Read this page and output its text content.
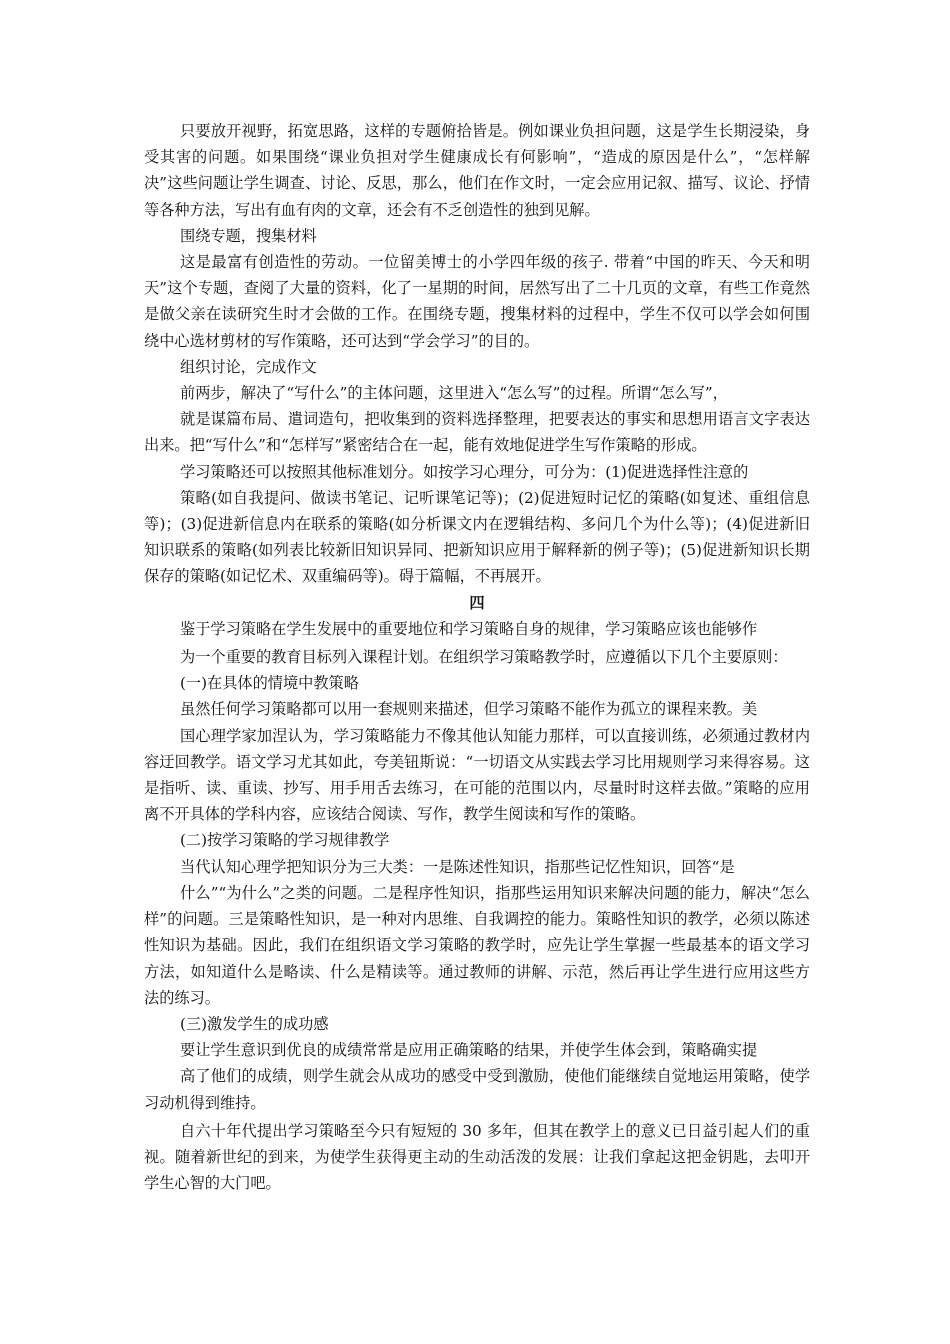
只要放开视野，拓宽思路，这样的专题俯拾皆是。例如课业负担问题，这是学生长期浸染，身受其害的问题。如果围绕“课业负担对学生健康成长有何影响”，“造成的原因是什么”，“怎样解决”这些问题让学生调查、讨论、反思，那么，他们在作文时，一定会应用记叙、描写、议论、抒情等各种方法，写出有血有肉的文章，还会有不乏创造性的独到见解。

围绕专题，搜集材料

这是最富有创造性的劳动。一位留美博士的小学四年级的孩子. 带着“中国的昨天、今天和明天”这个专题，查阅了大量的资料，化了一星期的时间，居然写出了二十几页的文章，有些工作竟然是做父亲在读研究生时才会做的工作。在围绕专题，搜集材料的过程中，学生不仅可以学会如何围绕中心选材剪材的写作策略，还可达到“学会学习”的目的。

组织讨论，完成作文

前两步，解决了“写什么”的主体问题，这里进入“怎么写”的过程。所谓“怎么写”，

就是谋篇布局、遣词造句，把收集到的资料选择整理，把要表达的事实和思想用语言文字表达出来。把“写什么”和“怎样写”紧密结合在一起，能有效地促进学生写作策略的形成。

学习策略还可以按照其他标准划分。如按学习心理分，可分为：(1)促进选择性注意的

策略(如自我提问、做读书笔记、记听课笔记等)；(2)促进短时记忆的策略(如复述、重组信息等)；(3)促进新信息内在联系的策略(如分析课文内在逻辑结构、多问几个为什么等)；(4)促进新旧知识联系的策略(如列表比较新旧知识异同、把新知识应用于解释新的例子等)；(5)促进新知识长期保存的策略(如记忆术、双重编码等)。碍于篇幅，不再展开。

四

鉴于学习策略在学生发展中的重要地位和学习策略自身的规律，学习策略应该也能够作

为一个重要的教育目标列入课程计划。在组织学习策略教学时，应遵循以下几个主要原则：

(一)在具体的情境中教策略

虽然任何学习策略都可以用一套规则来描述，但学习策略不能作为孤立的课程来教。美

国心理学家加涅认为，学习策略能力不像其他认知能力那样，可以直接训练，必须通过教材内容迂回教学。语文学习尤其如此，夸美钮斯说：“一切语文从实践去学习比用规则学习来得容易。这是指听、读、重读、抄写、用手用舌去练习，在可能的范围以内，尽量时时这样去做。”策略的应用离不开具体的学科内容，应该结合阅读、写作，教学生阅读和写作的策略。

(二)按学习策略的学习规律教学

当代认知心理学把知识分为三大类：一是陈述性知识，指那些记忆性知识，回答“是

什么”“为什么”之类的问题。二是程序性知识，指那些运用知识来解决问题的能力，解决“怎么样”的问题。三是策略性知识，是一种对内思维、自我调控的能力。策略性知识的教学，必须以陈述性知识为基础。因此，我们在组织语文学习策略的教学时，应先让学生掌握一些最基本的语文学习方法，如知道什么是略读、什么是精读等。通过教师的讲解、示范，然后再让学生进行应用这些方法的练习。

(三)激发学生的成功感

要让学生意识到优良的成绩常常是应用正确策略的结果，并使学生体会到，策略确实提

高了他们的成绩，则学生就会从成功的感受中受到激励，使他们能继续自觉地运用策略，使学习动机得到维持。

自六十年代提出学习策略至今只有短短的 30 多年，但其在教学上的意义已日益引起人们的重视。随着新世纪的到来，为使学生获得更主动的生动活泼的发展：让我们拿起这把金钥匙，去叩开学生心智的大门吧。
